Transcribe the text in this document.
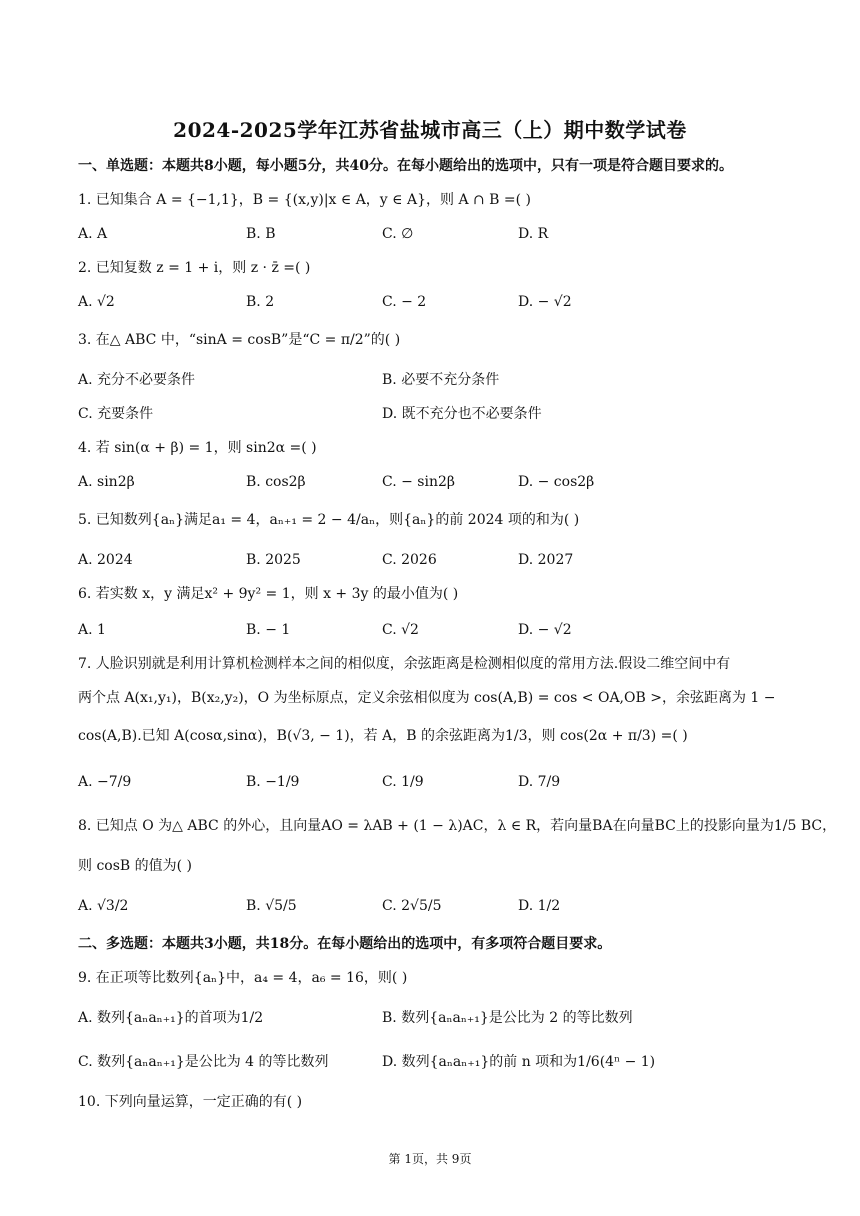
2024-2025学年江苏省盐城市高三（上）期中数学试卷
一、单选题：本题共8小题，每小题5分，共40分。在每小题给出的选项中，只有一项是符合题目要求的。
1. 已知集合 A = {−1,1}，B = {(x,y)|x ∈ A，y ∈ A}，则 A ∩ B =( )
A. A	B. B	C. ∅	D. R
2. 已知复数 z = 1 + i，则 z · z̄ =( )
A. √2	B. 2	C. − 2	D. − √2
3. 在△ ABC 中，“sinA = cosB”是“C = π/2”的( )
A. 充分不必要条件	B. 必要不充分条件
C. 充要条件	D. 既不充分也不必要条件
4. 若 sin(α + β) = 1，则 sin2α =( )
A. sin2β	B. cos2β	C. − sin2β	D. − cos2β
5. 已知数列{aₙ}满足a₁ = 4，aₙ₊₁ = 2 − 4/aₙ，则{aₙ}的前 2024 项的和为( )
A. 2024	B. 2025	C. 2026	D. 2027
6. 若实数 x，y 满足x² + 9y² = 1，则 x + 3y 的最小值为( )
A. 1	B. − 1	C. √2	D. − √2
7. 人脸识别就是利用计算机检测样本之间的相似度，余弦距离是检测相似度的常用方法.假设二维空间中有
两个点 A(x₁,y₁)，B(x₂,y₂)，O 为坐标原点，定义余弦相似度为 cos(A,B) = cos < OA,OB >，余弦距离为 1 −
cos(A,B).已知 A(cosα,sinα)，B(√3, − 1)，若 A，B 的余弦距离为1/3，则 cos(2α + π/3) =( )
A. −7/9	B. −1/9	C. 1/9	D. 7/9
8. 已知点 O 为△ ABC 的外心，且向量AO = λAB + (1 − λ)AC，λ ∈ R，若向量BA在向量BC上的投影向量为1/5 BC，
则 cosB 的值为( )
A. √3/2	B. √5/5	C. 2√5/5	D. 1/2
二、多选题：本题共3小题，共18分。在每小题给出的选项中，有多项符合题目要求。
9. 在正项等比数列{aₙ}中，a₄ = 4，a₆ = 16，则( )
A. 数列{aₙaₙ₊₁}的首项为1/2	B. 数列{aₙaₙ₊₁}是公比为 2 的等比数列
C. 数列{aₙaₙ₊₁}是公比为 4 的等比数列	D. 数列{aₙaₙ₊₁}的前 n 项和为1/6(4ⁿ − 1)
10. 下列向量运算，一定正确的有( )
第 1页，共 9页
